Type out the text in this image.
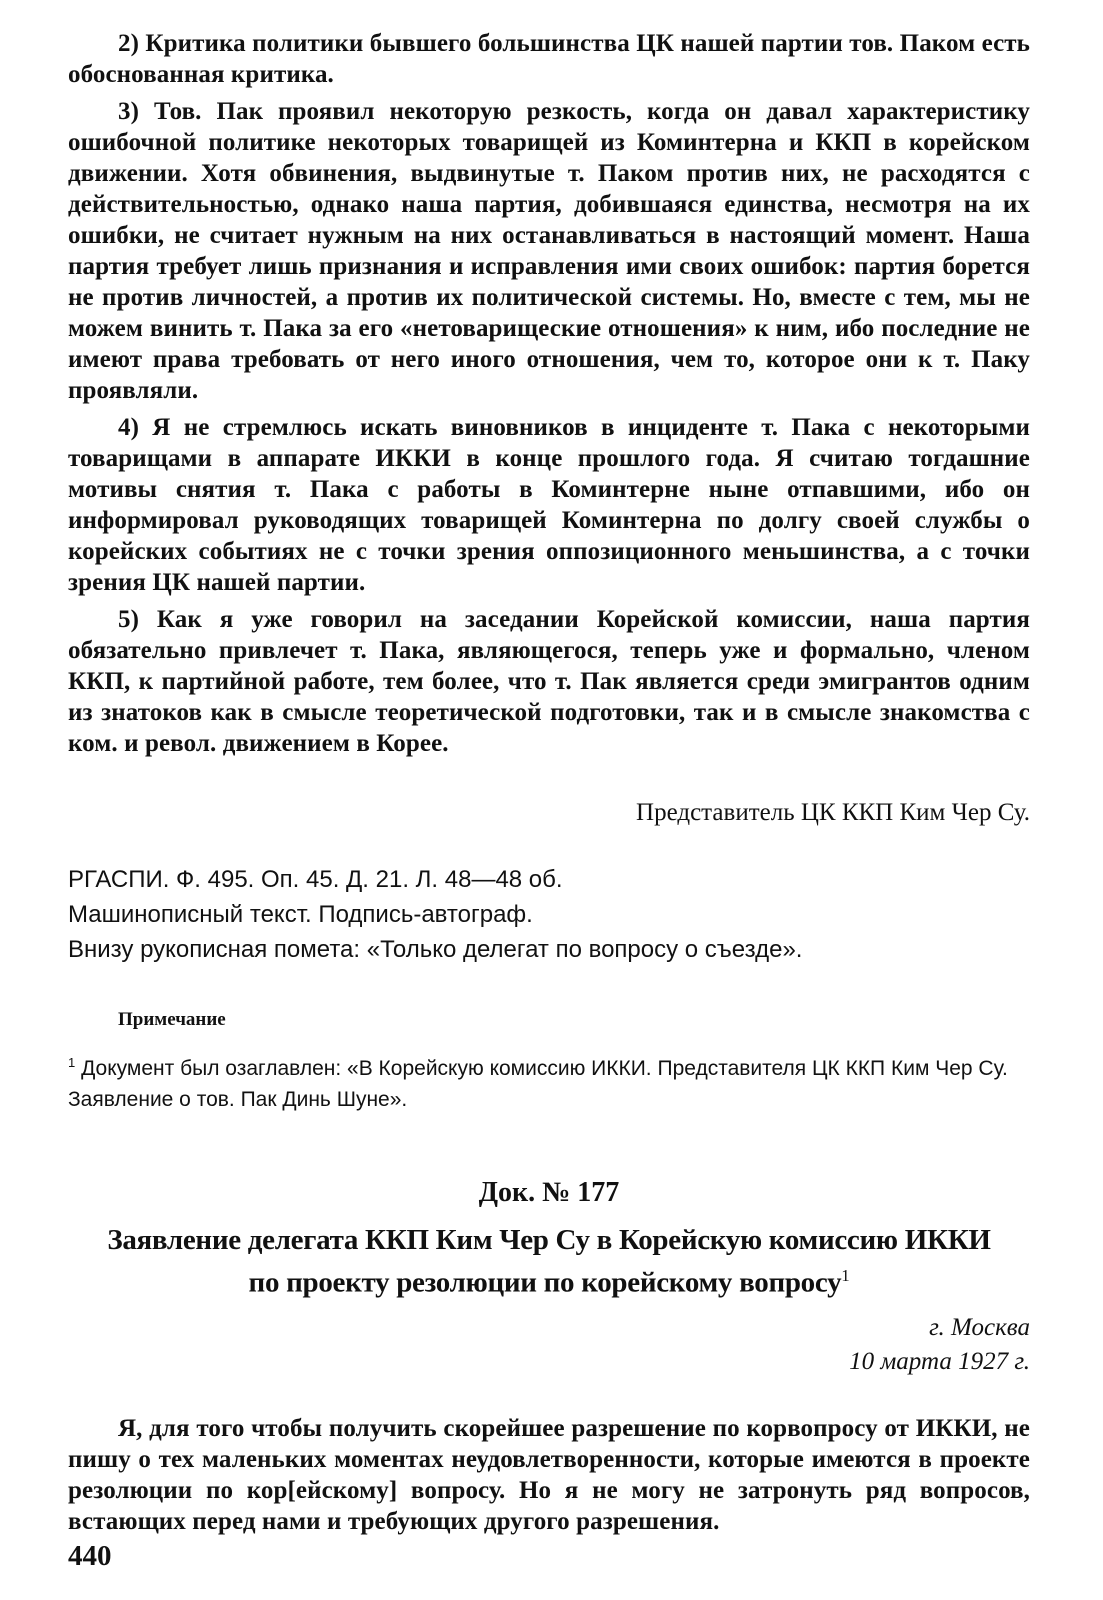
2) Критика политики бывшего большинства ЦК нашей партии тов. Паком есть обоснованная критика.

3) Тов. Пак проявил некоторую резкость, когда он давал характеристику ошибочной политике некоторых товарищей из Коминтерна и ККП в корейском движении. Хотя обвинения, выдвинутые т. Паком против них, не расходятся с действительностью, однако наша партия, добившаяся единства, несмотря на их ошибки, не считает нужным на них останавливаться в настоящий момент. Наша партия требует лишь признания и исправления ими своих ошибок: партия борется не против личностей, а против их политической системы. Но, вместе с тем, мы не можем винить т. Пака за его «нетоварищеские отношения» к ним, ибо последние не имеют права требовать от него иного отношения, чем то, которое они к т. Паку проявляли.

4) Я не стремлюсь искать виновников в инциденте т. Пака с некоторыми товарищами в аппарате ИККИ в конце прошлого года. Я считаю тогдашние мотивы снятия т. Пака с работы в Коминтерне ныне отпавшими, ибо он информировал руководящих товарищей Коминтерна по долгу своей службы о корейских событиях не с точки зрения оппозиционного меньшинства, а с точки зрения ЦК нашей партии.

5) Как я уже говорил на заседании Корейской комиссии, наша партия обязательно привлечет т. Пака, являющегося, теперь уже и формально, членом ККП, к партийной работе, тем более, что т. Пак является среди эмигрантов одним из знатоков как в смысле теоретической подготовки, так и в смысле знакомства с ком. и револ. движением в Корее.

Представитель ЦК ККП Ким Чер Су.
РГАСПИ. Ф. 495. Оп. 45. Д. 21. Л. 48—48 об.
Машинописный текст. Подпись-автограф.
Внизу рукописная помета: «Только делегат по вопросу о съезде».
Примечание
$^1$ Документ был озаглавлен: «В Корейскую комиссию ИККИ. Представителя ЦК ККП Ким Чер Су. Заявление о тов. Пак Динь Шуне».
Док. № 177
Заявление делегата ККП Ким Чер Су в Корейскую комиссию ИККИ
по проекту резолюции по корейскому вопросу$^1$
г. Москва
10 марта 1927 г.

Я, для того чтобы получить скорейшее разрешение по корвопросу от ИККИ, не пишу о тех маленьких моментах неудовлетворенности, которые имеются в проекте резолюции по кор[ейскому] вопросу. Но я не могу не затронуть ряд вопросов, встающих перед нами и требующих другого разрешения.

440
